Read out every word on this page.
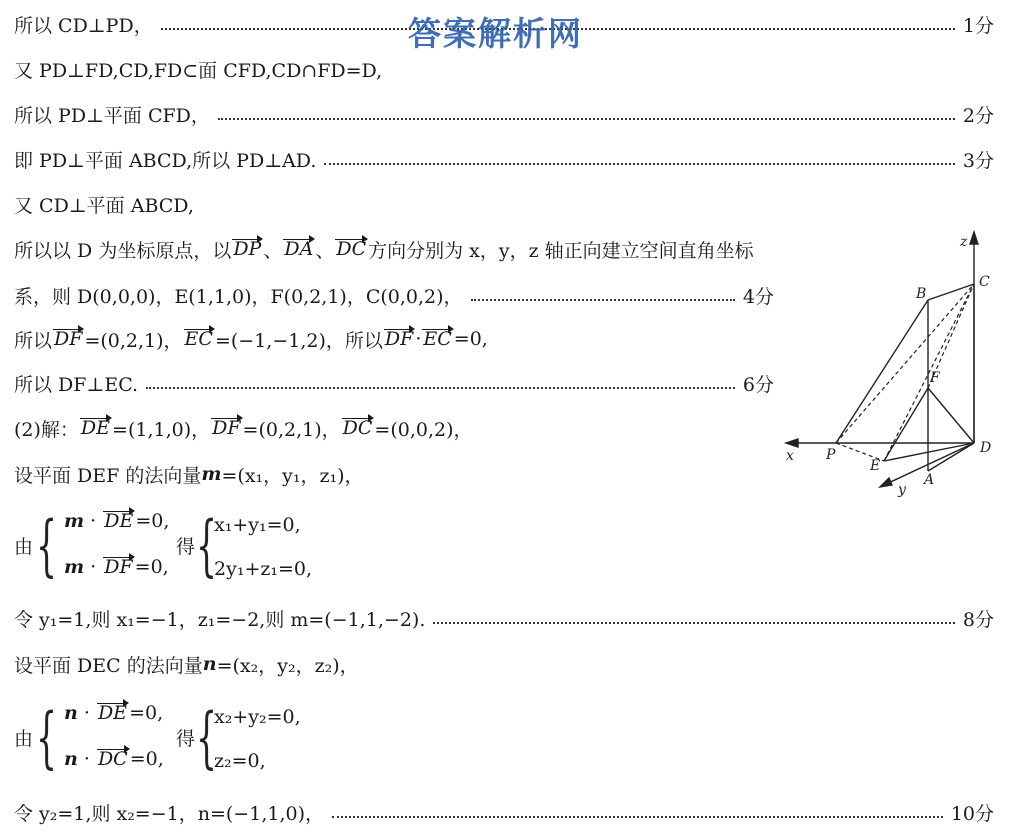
答案解析网
所以 CD⊥PD，	1分
又 PD⊥FD,CD,FD⊂面 CFD,CD∩FD=D,
所以 PD⊥平面 CFD，	2分
即 PD⊥平面 ABCD,所以 PD⊥AD.	3分
又 CD⊥平面 ABCD,
所以以 D 为坐标原点，以 DP 、 DA 、 DC 方向分别为 x，y，z 轴正向建立空间直角坐标
系，则 D(0,0,0)，E(1,1,0)，F(0,2,1)，C(0,0,2)，	4分
所以 DF =(0,2,1)， EC =(−1,−1,2)，所以 DF · EC =0,
所以 DF⊥EC.	6分
(2)解： DE =(1,1,0)， DF =(0,2,1)， DC =(0,0,2)，
设平面 DEF 的法向量 m =(x₁，y₁，z₁)，
由 { m · DE =0,
m · DF =0,
得 {
x₁+y₁=0,
2y₁+z₁=0,
令 y₁=1,则 x₁=−1，z₁=−2,则 m=(−1,1,−2).	8分
设平面 DEC 的法向量 n =(x₂，y₂，z₂)，
由 { n · DE =0,
n · DC =0,
得 {
x₂+y₂=0,
z₂=0,
令 y₂=1,则 x₂=−1，n=(−1,1,0)，	10分
z
C
B
F
x P
E
D
y
A
